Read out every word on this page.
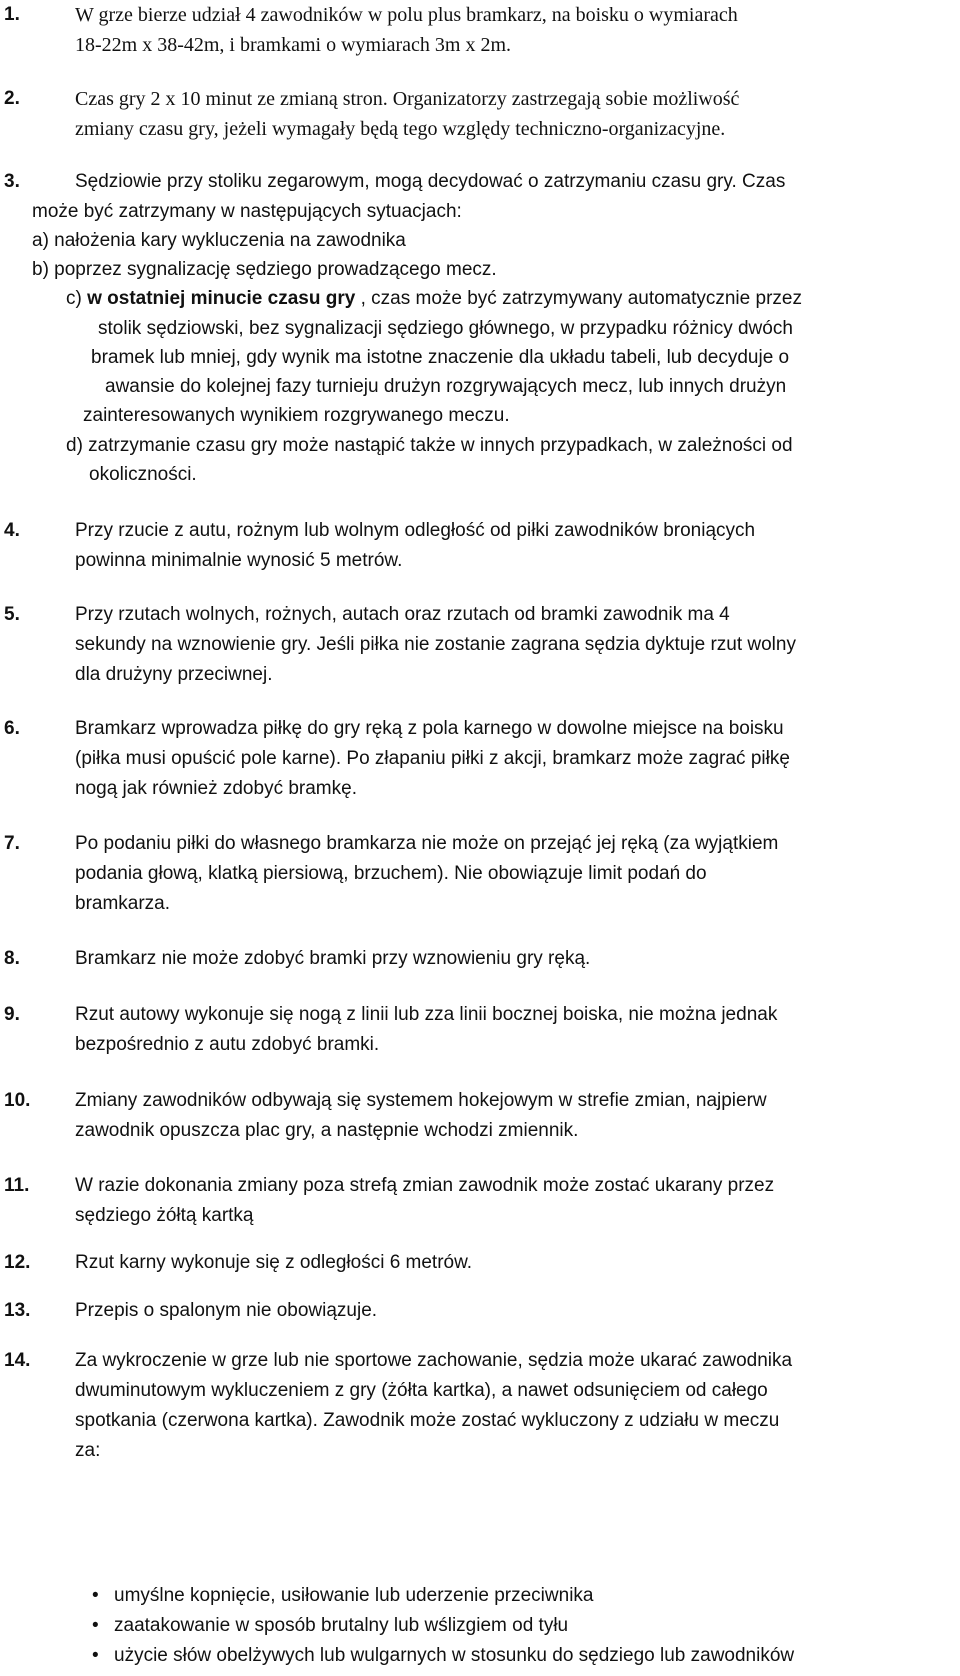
1.	W grze bierze udział 4 zawodników w polu plus bramkarz, na boisku o wymiarach
18-22m x 38-42m, i bramkami o wymiarach 3m x 2m.
2.	Czas gry 2 x 10 minut ze zmianą stron. Organizatorzy zastrzegają sobie możliwość
zmiany czasu gry, jeżeli wymagały będą tego względy techniczno-organizacyjne.
3.	Sędziowie przy stoliku zegarowym, mogą decydować o zatrzymaniu czasu gry. Czas
może być zatrzymany w następujących sytuacjach:
a) nałożenia kary wykluczenia na zawodnika
b) poprzez sygnalizację sędziego prowadzącego mecz.
c) w ostatniej minucie czasu gry , czas może być zatrzymywany automatycznie przez
stolik sędziowski, bez sygnalizacji sędziego głównego, w przypadku różnicy dwóch
bramek lub mniej, gdy wynik ma istotne znaczenie dla układu tabeli, lub decyduje o
awansie do kolejnej fazy turnieju drużyn rozgrywających mecz, lub innych drużyn
zainteresowanych wynikiem rozgrywanego meczu.
d) zatrzymanie czasu gry może nastąpić także w innych przypadkach, w zależności od
okoliczności.
4.	Przy rzucie z autu, rożnym lub wolnym odległość od piłki zawodników broniących
powinna minimalnie wynosić 5 metrów.
5.	Przy rzutach wolnych, rożnych, autach oraz rzutach od bramki zawodnik ma 4
sekundy na wznowienie gry. Jeśli piłka nie zostanie zagrana sędzia dyktuje rzut wolny
dla drużyny przeciwnej.
6.	Bramkarz wprowadza piłkę do gry ręką z pola karnego w dowolne miejsce na boisku
(piłka musi opuścić pole karne). Po złapaniu piłki z akcji, bramkarz może zagrać piłkę
nogą jak również zdobyć bramkę.
7.	Po podaniu piłki do własnego bramkarza nie może on przejąć jej ręką (za wyjątkiem
podania głową, klatką piersiową, brzuchem). Nie obowiązuje limit podań do
bramkarza.
8.	Bramkarz nie może zdobyć bramki przy wznowieniu gry ręką.
9.	Rzut autowy wykonuje się nogą z linii lub zza linii bocznej boiska, nie można jednak
bezpośrednio z autu zdobyć bramki.
10. Zmiany zawodników odbywają się systemem hokejowym w strefie zmian, najpierw
zawodnik opuszcza plac gry, a następnie wchodzi zmiennik.
11. W razie dokonania zmiany poza strefą zmian zawodnik może zostać ukarany przez
sędziego żółtą kartką
12. Rzut karny wykonuje się z odległości 6 metrów.
13. Przepis o spalonym nie obowiązuje.
14. Za wykroczenie w grze lub nie sportowe zachowanie, sędzia może ukarać zawodnika
dwuminutowym wykluczeniem z gry (żółta kartka), a nawet odsunięciem od całego
spotkania (czerwona kartka). Zawodnik może zostać wykluczony z udziału w meczu
za:
• umyślne kopnięcie, usiłowanie lub uderzenie przeciwnika
• zaatakowanie w sposób brutalny lub wślizgiem od tyłu
• użycie słów obelżywych lub wulgarnych w stosunku do sędziego lub zawodników
